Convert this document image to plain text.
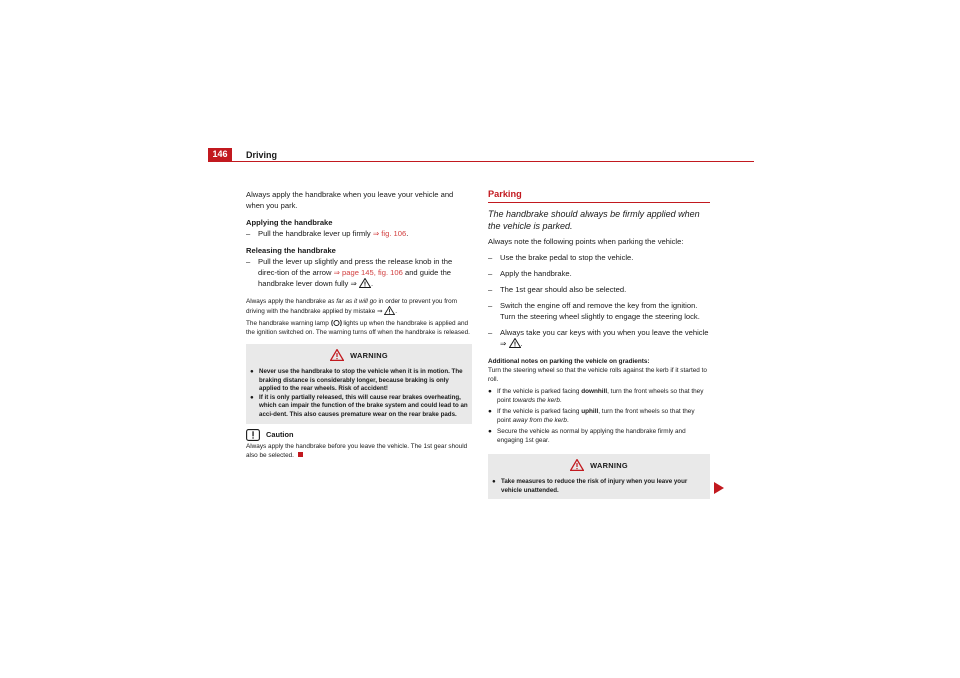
146	Driving

Always apply the handbrake when you leave your vehicle and when you park.

Applying the handbrake

–	Pull the handbrake lever up firmly ⇒ fig. 106.

Releasing the handbrake

–	Pull the lever up slightly and press the release knob in the direc-tion of the arrow ⇒ page 145, fig. 106 and guide the handbrake lever down fully ⇒ .

Always apply the handbrake as far as it will go in order to prevent you from driving with the handbrake applied by mistake ⇒ .

The handbrake warning lamp lights up when the handbrake is applied and the ignition switched on. The warning turns off when the handbrake is released.

WARNING
● Never use the handbrake to stop the vehicle when it is in motion. The braking distance is considerably longer, because braking is only applied to the rear wheels. Risk of accident!
● If it is only partially released, this will cause rear brakes overheating, which can impair the function of the brake system and could lead to an acci-dent. This also causes premature wear on the rear brake pads.
Caution

Always apply the handbrake before you leave the vehicle. The 1st gear should also be selected.

Parking
The handbrake should always be firmly applied when the vehicle is parked.

Always note the following points when parking the vehicle:

–	Use the brake pedal to stop the vehicle.
–	Apply the handbrake.
–	The 1st gear should also be selected.
–	Switch the engine off and remove the key from the ignition. Turn the steering wheel slightly to engage the steering lock.
–	Always take you car keys with you when you leave the vehicle ⇒ .

Additional notes on parking the vehicle on gradients:

Turn the steering wheel so that the vehicle rolls against the kerb if it started to roll.

● If the vehicle is parked facing downhill, turn the front wheels so that they point towards the kerb.
● If the vehicle is parked facing uphill, turn the front wheels so that they point away from the kerb.
● Secure the vehicle as normal by applying the handbrake firmly and engaging 1st gear.
WARNING
● Take measures to reduce the risk of injury when you leave your vehicle unattended.
